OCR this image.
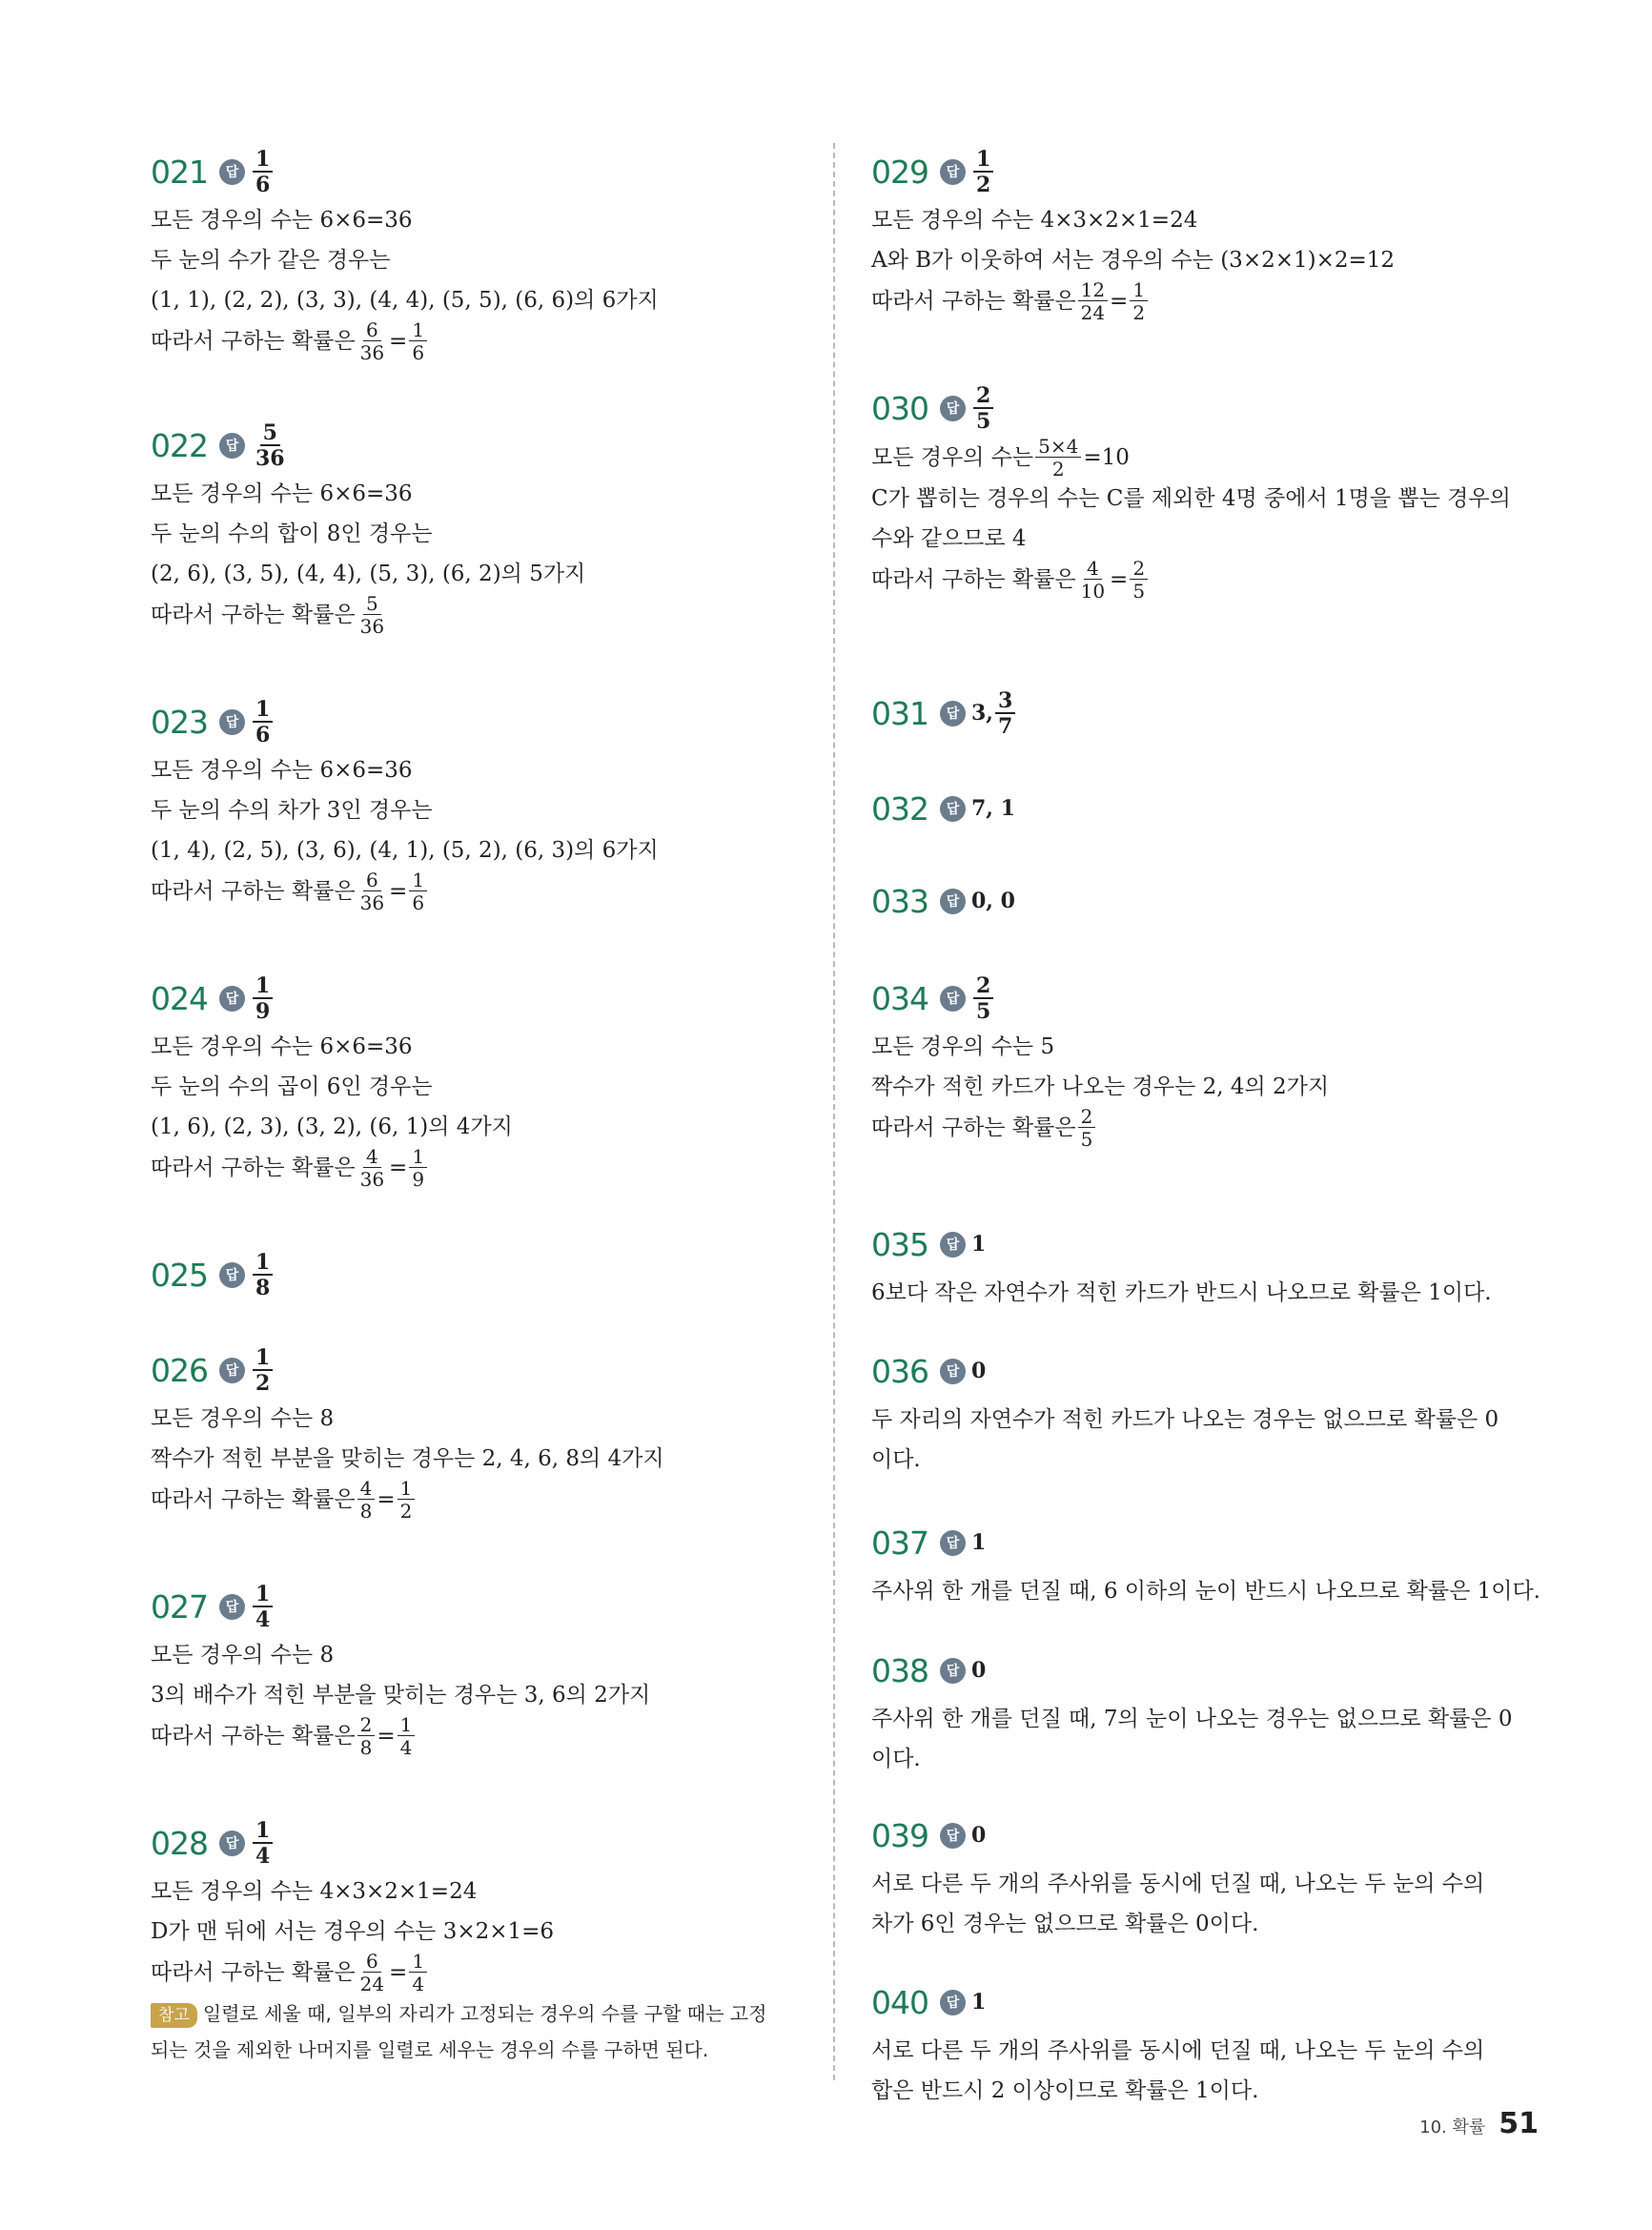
021	답 $\frac{1}{6}$
모든 경우의 수는 6×6=36
두 눈의 수가 같은 경우는
(1, 1), (2, 2), (3, 3), (4, 4), (5, 5), (6, 6)의 6가지
따라서 구하는 확률은 $\frac{6}{36} = \frac{1}{6}$
022	답 $\frac{5}{36}$
모든 경우의 수는 6×6=36
두 눈의 수의 합이 8인 경우는
(2, 6), (3, 5), (4, 4), (5, 3), (6, 2)의 5가지
따라서 구하는 확률은 $\frac{5}{36}$
023	답 $\frac{1}{6}$
모든 경우의 수는 6×6=36
두 눈의 수의 차가 3인 경우는
(1, 4), (2, 5), (3, 6), (4, 1), (5, 2), (6, 3)의 6가지
따라서 구하는 확률은 $\frac{6}{36} = \frac{1}{6}$
024	답 $\frac{1}{9}$
모든 경우의 수는 6×6=36
두 눈의 수의 곱이 6인 경우는
(1, 6), (2, 3), (3, 2), (6, 1)의 4가지
따라서 구하는 확률은 $\frac{4}{36} = \frac{1}{9}$
025	답 $\frac{1}{8}$
026	답 $\frac{1}{2}$
모든 경우의 수는 8
짝수가 적힌 부분을 맞히는 경우는 2, 4, 6, 8의 4가지
따라서 구하는 확률은 $\frac{4}{8} = \frac{1}{2}$
027	답 $\frac{1}{4}$
모든 경우의 수는 8
3의 배수가 적힌 부분을 맞히는 경우는 3, 6의 2가지
따라서 구하는 확률은 $\frac{2}{8} = \frac{1}{4}$
028	답 $\frac{1}{4}$
모든 경우의 수는 4×3×2×1=24
D가 맨 뒤에 서는 경우의 수는 3×2×1=6
따라서 구하는 확률은 $\frac{6}{24} = \frac{1}{4}$
참고 일렬로 세울 때, 일부의 자리가 고정되는 경우의 수를 구할 때는 고정
되는 것을 제외한 나머지를 일렬로 세우는 경우의 수를 구하면 된다.
029	답 $\frac{1}{2}$
모든 경우의 수는 4×3×2×1=24
A와 B가 이웃하여 서는 경우의 수는 (3×2×1)×2=12
따라서 구하는 확률은 $\frac{12}{24} = \frac{1}{2}$
030	답 $\frac{2}{5}$
모든 경우의 수는 $\frac{5\times 4}{2} =10$
C가 뽑히는 경우의 수는 C를 제외한 4명 중에서 1명을 뽑는 경우의
수와 같으므로 4
따라서 구하는 확률은 $\frac{4}{10} = \frac{2}{5}$
031	답 3, $\frac{3}{7}$
032	답 7, 1
033	답 0, 0
034	답 $\frac{2}{5}$
모든 경우의 수는 5
짝수가 적힌 카드가 나오는 경우는 2, 4의 2가지
따라서 구하는 확률은 $\frac{2}{5}$
035	답 1
6보다 작은 자연수가 적힌 카드가 반드시 나오므로 확률은 1이다.
036	답 0
두 자리의 자연수가 적힌 카드가 나오는 경우는 없으므로 확률은 0
이다.
037	답 1
주사위 한 개를 던질 때, 6 이하의 눈이 반드시 나오므로 확률은 1이다.
038	답 0
주사위 한 개를 던질 때, 7의 눈이 나오는 경우는 없으므로 확률은 0
이다.
039	답 0
서로 다른 두 개의 주사위를 동시에 던질 때, 나오는 두 눈의 수의
차가 6인 경우는 없으므로 확률은 0이다.
040	답 1
서로 다른 두 개의 주사위를 동시에 던질 때, 나오는 두 눈의 수의
합은 반드시 2 이상이므로 확률은 1이다.
10. 확률 51
